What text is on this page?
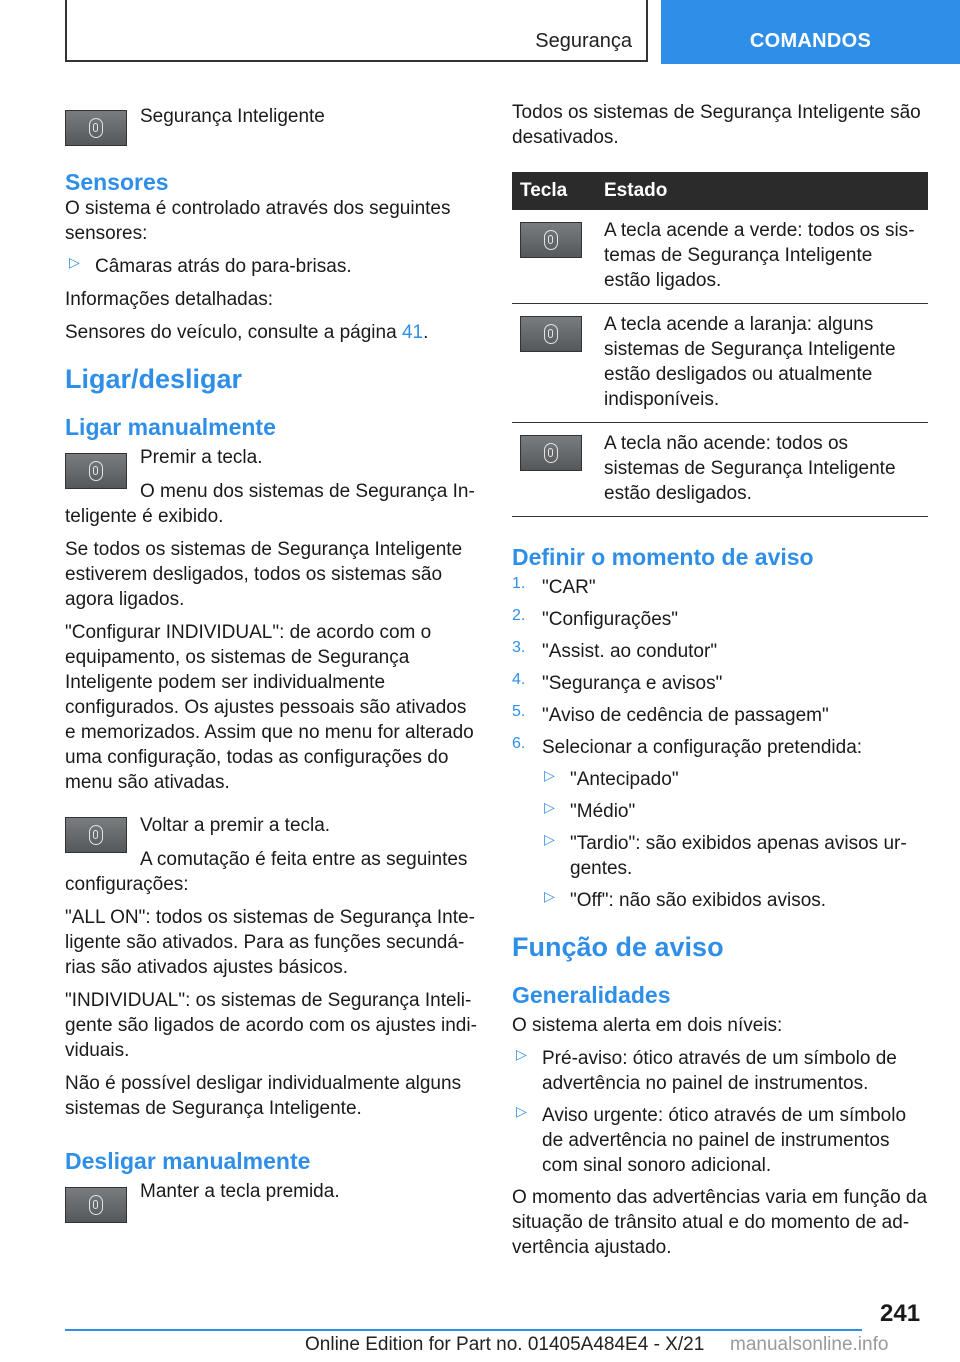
Segurança	COMANDOS

Segurança Inteligente

Sensores

O sistema é controlado através dos seguintes sensores:

▷ Câmaras atrás do para-brisas.

Informações detalhadas:

Sensores do veículo, consulte a página 41.

Ligar/desligar
Ligar manualmente

Premir a tecla.

O menu dos sistemas de Segurança Inteligente é exibido.

Se todos os sistemas de Segurança Inteligente estiverem desligados, todos os sistemas são agora ligados.

"Configurar INDIVIDUAL": de acordo com o equipamento, os sistemas de Segurança Inteligente podem ser individualmente configurados. Os ajustes pessoais são ativados e memorizados. Assim que no menu for alterado uma configuração, todas as configurações do menu são ativadas.

Voltar a premir a tecla.

A comutação é feita entre as seguintes configurações:

"ALL ON": todos os sistemas de Segurança Inteligente são ativados. Para as funções secundárias são ativados ajustes básicos.

"INDIVIDUAL": os sistemas de Segurança Inteligente são ligados de acordo com os ajustes individuais.

Não é possível desligar individualmente alguns sistemas de Segurança Inteligente.

Desligar manualmente

Manter a tecla premida.

Todos os sistemas de Segurança Inteligente são desativados.

Tecla	Estado

	A tecla acende a verde: todos os sistemas de Segurança Inteligente estão ligados.

	A tecla acende a laranja: alguns sistemas de Segurança Inteligente estão desligados ou atualmente indisponíveis.

	A tecla não acende: todos os sistemas de Segurança Inteligente estão desligados.
Definir o momento de aviso
1. "CAR"

2. "Configurações"

3. "Assist. ao condutor"

4. "Segurança e avisos"

5. "Aviso de cedência de passagem"

6. Selecionar a configuração pretendida:

▷ "Antecipado"

▷ "Médio"

▷ "Tardio": são exibidos apenas avisos urgentes.

▷ "Off": não são exibidos avisos.

Função de aviso
Generalidades

O sistema alerta em dois níveis:

▷ Pré-aviso: ótico através de um símbolo de advertência no painel de instrumentos.

▷ Aviso urgente: ótico através de um símbolo de advertência no painel de instrumentos com sinal sonoro adicional.

O momento das advertências varia em função da situação de trânsito atual e do momento de advertência ajustado.

241
Online Edition for Part no. 01405A484E4 - X/21 manualsonline.info
